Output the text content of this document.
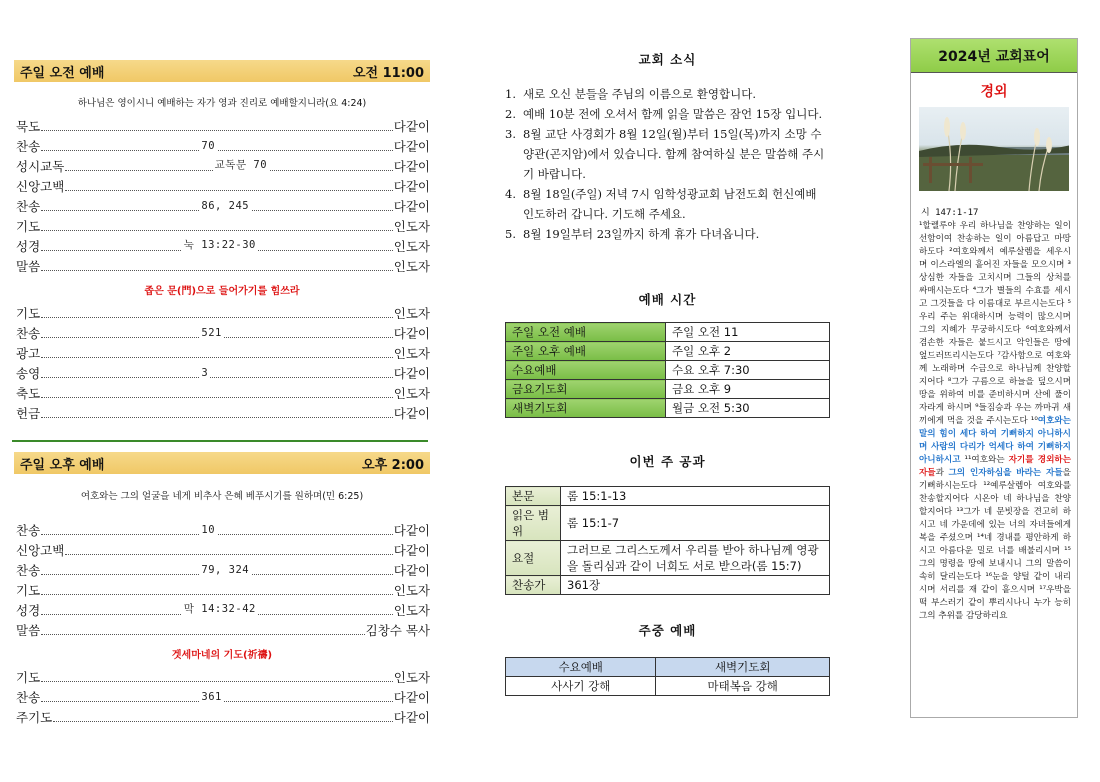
주일 오전 예배	오전 11:00
하나님은 영이시니 예배하는 자가 영과 진리로 예배할지니라(요 4:24)
묵도	다같이
찬송	70	다같이
성시교독	교독문 70	다같이
신앙고백	다같이
찬송	86, 245	다같이
기도	인도자
성경	눅 13:22-30	인도자
말씀	인도자
좁은 문(門)으로 들어가기를 힘쓰라
기도	인도자
찬송	521	다같이
광고	인도자
송영	3	다같이
축도	인도자
헌금	다같이
주일 오후 예배	오후 2:00
여호와는 그의 얼굴을 네게 비추사 은혜 베푸시기를 원하며(민 6:25)
찬송	10	다같이
신앙고백	다같이
찬송	79, 324	다같이
기도	인도자
성경	막 14:32-42	인도자
말씀	김창수 목사
겟세마네의 기도(祈禱)
기도	인도자
찬송	361	다같이
주기도	다같이
교회 소식
1. 새로 오신 분들을 주님의 이름으로 환영합니다.
2. 예배 10분 전에 오셔서 함께 읽을 말씀은 잠언 15장 입니다.
3. 8월 교단 사경회가 8월 12일(월)부터 15일(목)까지 소망 수양관(곤지암)에서 있습니다. 함께 참여하실 분은 말씀해 주시기 바랍니다.
4. 8월 18일(주일) 저녁 7시 임학성광교회 남전도회 헌신예배 인도하러 갑니다. 기도해 주세요.
5. 8월 19일부터 23일까지 하계 휴가 다녀옵니다.
예배 시간
주일 오전 예배	주일 오전 11
주일 오후 예배	주일 오후 2
수요예배	수요 오후 7:30
금요기도회	금요 오후 9
새벽기도회	월금 오전 5:30
이번 주 공과
본문	롬 15:1-13
읽은 범위	롬 15:1-7
요절	그러므로 그리스도께서 우리를 받아 하나님께 영광을 돌리심과 같이 너희도 서로 받으라(롬 15:7)
찬송가	361장
주중 예배
수요예배	새벽기도회
사사기 강해	마태복음 강해
2024년 교회표어
경외
시 147:1-17
¹할렐루야 우리 하나님을 찬양하는 일이 선함이여 찬송하는 일이 아름답고 마땅하도다 ²여호와께서 예루살렘을 세우시며 이스라엘의 흩어진 자들을 모으시며 ³상심한 자들을 고치시며 그들의 상처를 싸매시는도다 ⁴그가 별들의 수효를 세시고 그것들을 다 이름대로 부르시는도다 ⁵우리 주는 위대하시며 능력이 많으시며 그의 지혜가 무궁하시도다 ⁶여호와께서 겸손한 자들은 붙드시고 악인들은 땅에 엎드러뜨리시는도다 ⁷감사함으로 여호와께 노래하며 수금으로 하나님께 찬양할지어다 ⁸그가 구름으로 하늘을 덮으시며 땅을 위하여 비를 준비하시며 산에 풀이 자라게 하시며 ⁹들짐승과 우는 까마귀 새끼에게 먹을 것을 주시는도다 ¹⁰여호와는 말의 힘이 세다 하여 기뻐하지 아니하시며 사람의 다리가 억세다 하여 기뻐하지 아니하시고 ¹¹여호와는 자기를 경외하는 자들과 그의 인자하심을 바라는 자들을 기뻐하시는도다 ¹²예루살렘아 여호와를 찬송할지어다 시온아 네 하나님을 찬양할지어다 ¹³그가 네 문빗장을 견고히 하시고 네 가운데에 있는 너의 자녀들에게 복을 주셨으며 ¹⁴네 경내를 평안하게 하시고 아름다운 밀로 너를 배불리시며 ¹⁵그의 명령을 땅에 보내시니 그의 말씀이 속히 달리는도다 ¹⁶눈을 양털 같이 내리시며 서리를 재 같이 흩으시며 ¹⁷우박을 떡 부스러기 같이 뿌리시나니 누가 능히 그의 추위를 감당하리요
